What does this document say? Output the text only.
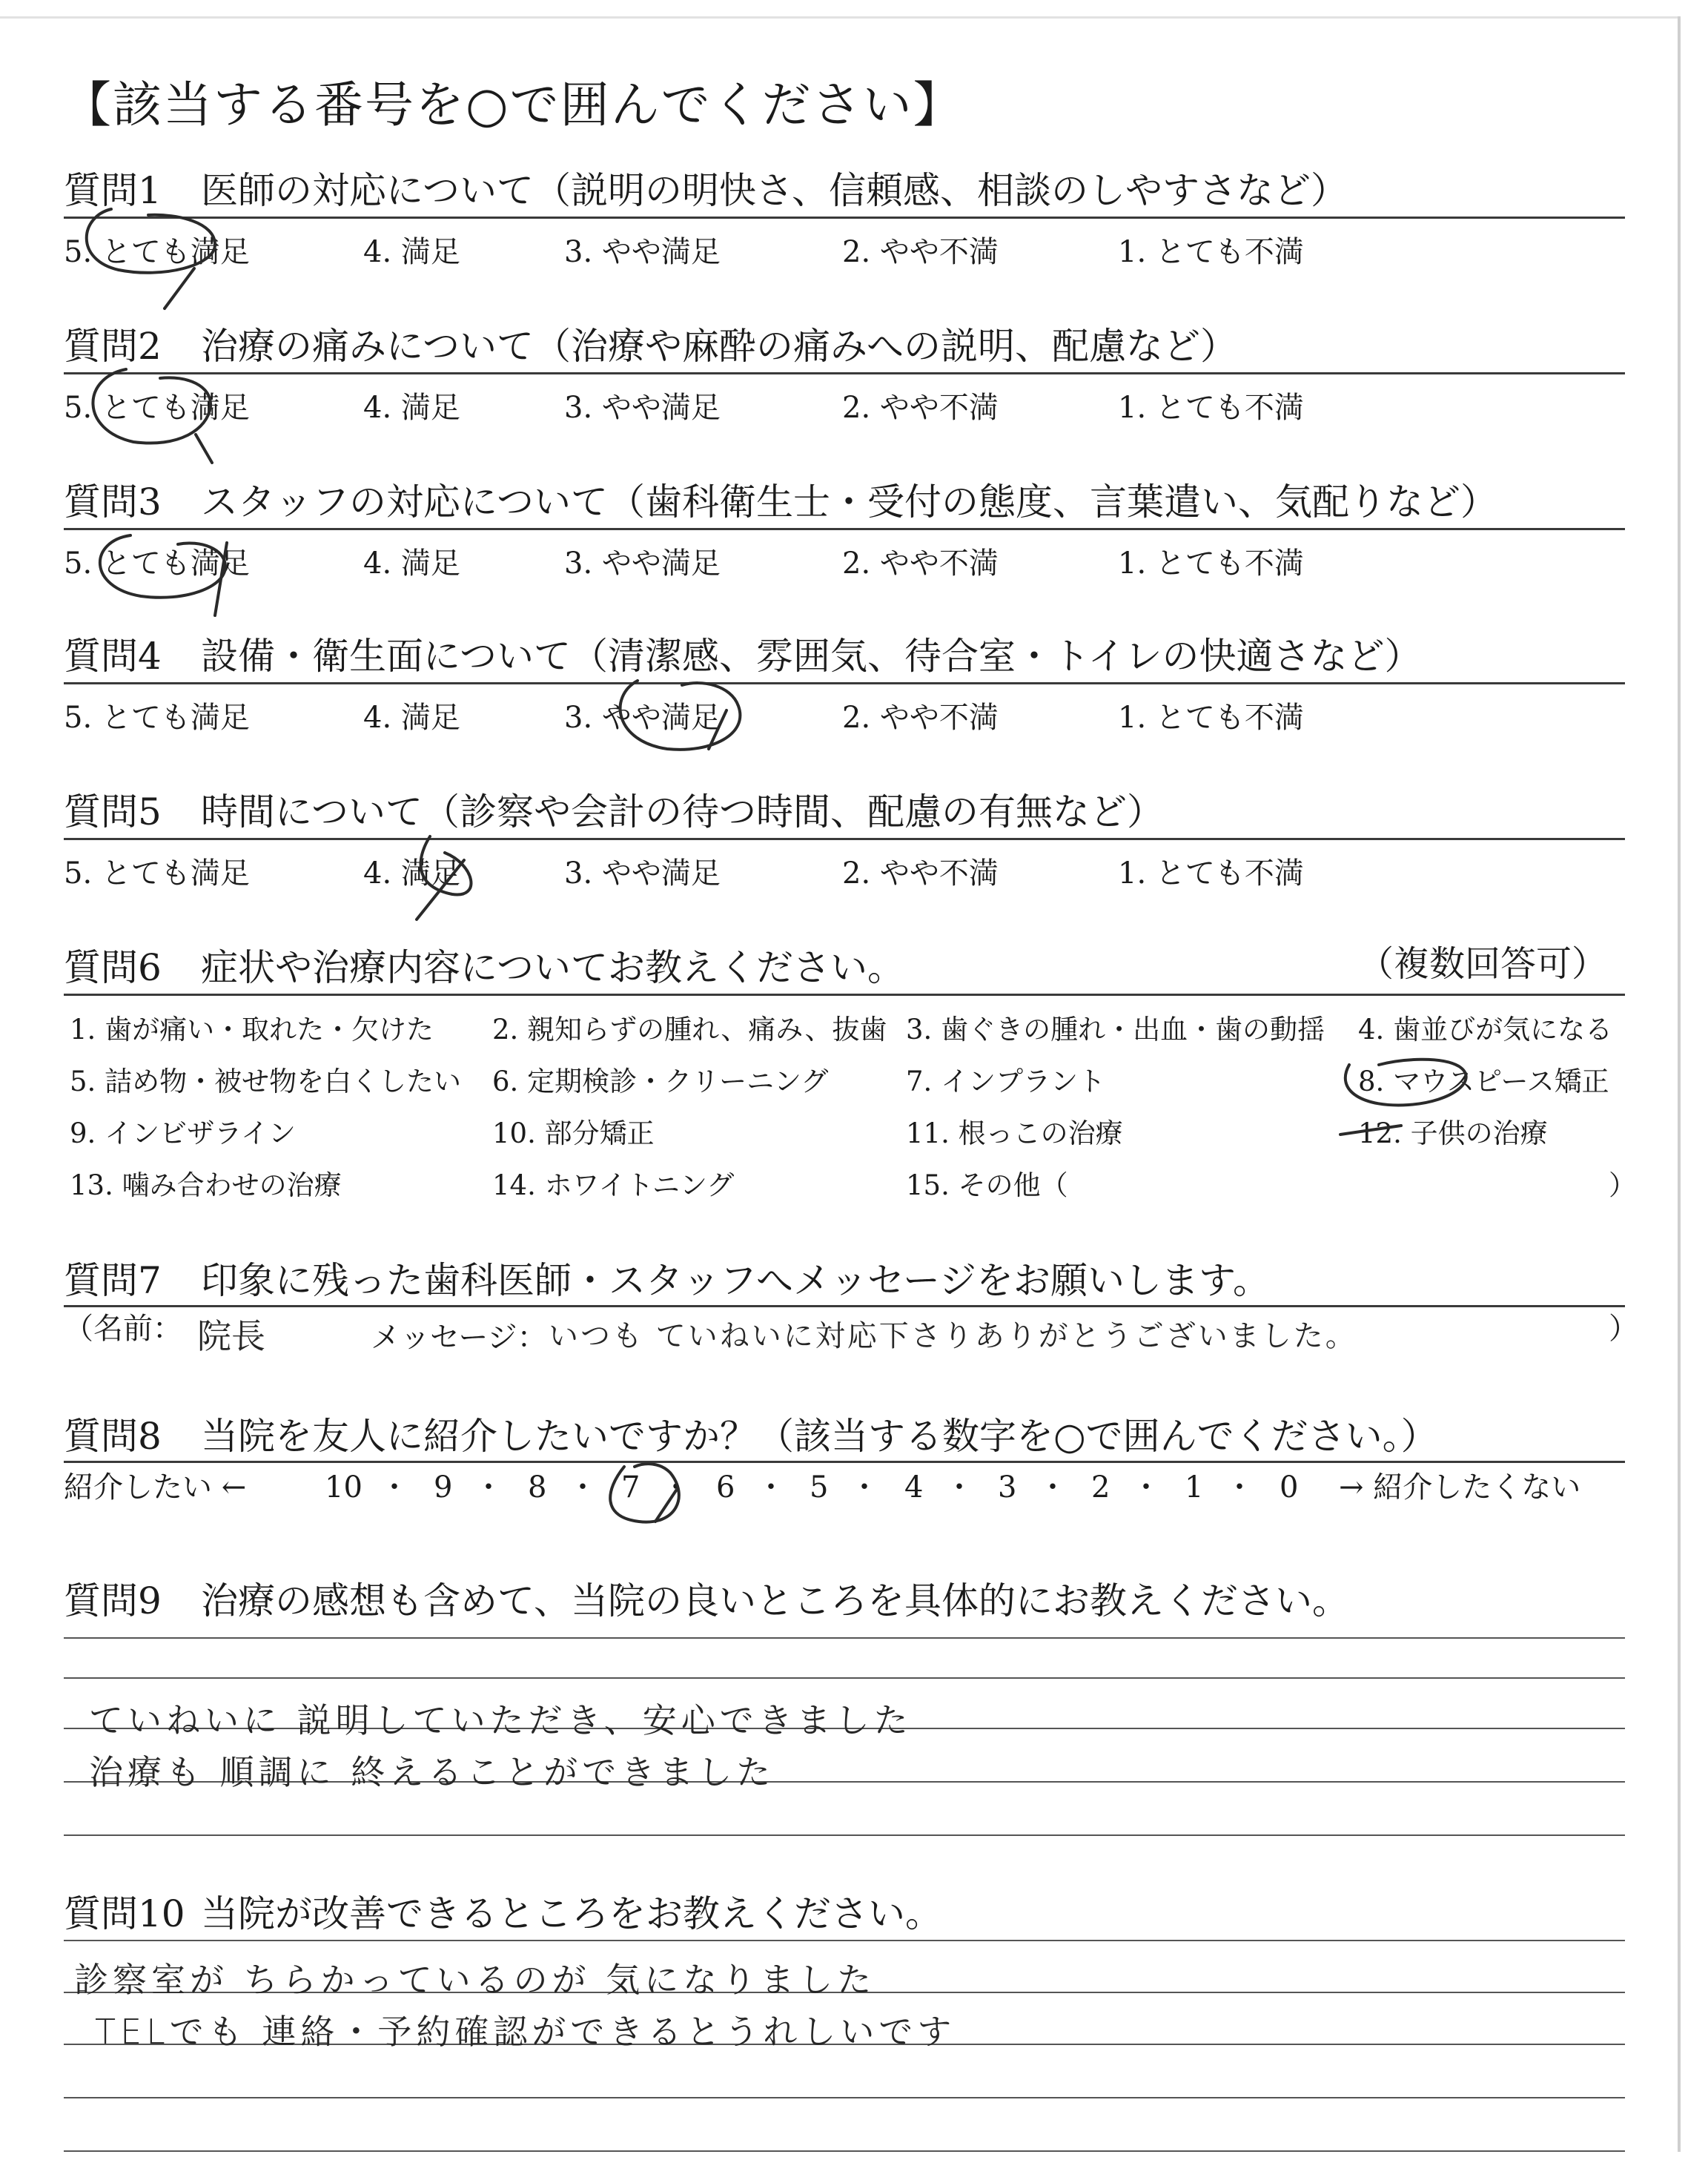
【該当する番号を○で囲んでください】
質問1 医師の対応について（説明の明快さ、信頼感、相談のしやすさなど）
5. とても満足	4. 満足	3. やや満足	2. やや不満	1. とても不満
質問2 治療の痛みについて（治療や麻酔の痛みへの説明、配慮など）
5. とても満足	4. 満足	3. やや満足	2. やや不満	1. とても不満
質問3 スタッフの対応について（歯科衛生士・受付の態度、言葉遣い、気配りなど）
5. とても満足	4. 満足	3. やや満足	2. やや不満	1. とても不満
質問4 設備・衛生面について（清潔感、雰囲気、待合室・トイレの快適さなど）
5. とても満足	4. 満足	3. やや満足	2. やや不満	1. とても不満
質問5 時間について（診察や会計の待つ時間、配慮の有無など）
5. とても満足	4. 満足	3. やや満足	2. やや不満	1. とても不満
質問6 症状や治療内容についてお教えください。	（複数回答可）
1. 歯が痛い・取れた・欠けた 2. 親知らずの腫れ、痛み、抜歯 3. 歯ぐきの腫れ・出血・歯の動揺 4. 歯並びが気になる
5. 詰め物・被せ物を白くしたい 6. 定期検診・クリーニング	7. インプラント	8. マウスピース矯正
9. インビザライン	10. 部分矯正	11. 根っこの治療	12. 子供の治療
13. 噛み合わせの治療	14. ホワイトニング	15. その他（	）
質問7 印象に残った歯科医師・スタッフへメッセージをお願いします。
（名前： 院長	メッセージ： いつも ていねいに対応下さりありがとうございました。	）
質問8 当院を友人に紹介したいですか？（該当する数字を○で囲んでください。）
紹介したい ←	10 ・ 9 ・ 8 ・ 7 ・ 6 ・ 5 ・ 4 ・ 3 ・ 2 ・ 1 ・ 0 → 紹介したくない
質問9 治療の感想も含めて、当院の良いところを具体的にお教えください。
ていねいに 説明していただき、安心できました
治療も 順調に 終えることができました
質問10 当院が改善できるところをお教えください。
診察室が ちらかっているのが 気になりました
TELでも 連絡・予約確認ができるとうれしいです
